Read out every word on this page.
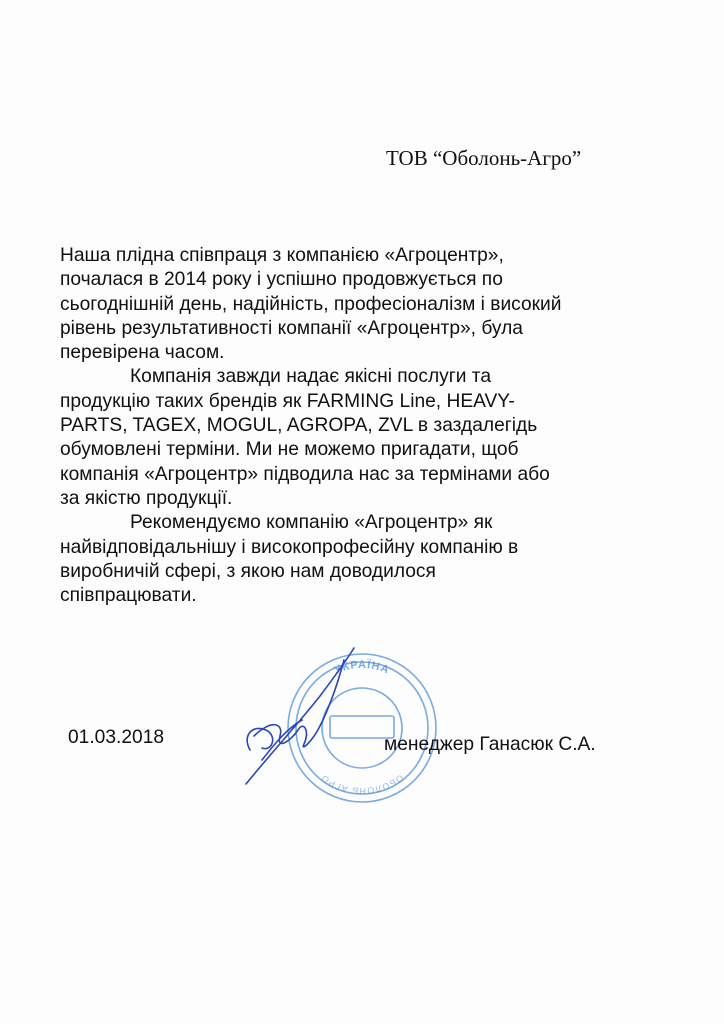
ТОВ “Оболонь-Агро”
Наша плідна співпраця з компанією «Агроцентр»,
почалася в 2014 року і успішно продовжується по
сьогоднішній день, надійність, професіоналізм і високий
рівень результативності компанії «Агроцентр», була
перевірена часом.
Компанія завжди надає якісні послуги та
продукцію таких брендів як FARMING Line, HEAVY-
PARTS, TAGEX, MOGUL, AGROPA, ZVL в заздалегідь
обумовлені терміни. Ми не можемо пригадати, щоб
компанія «Агроцентр» підводила нас за термінами або
за якістю продукції.
Рекомендуємо компанію «Агроцентр» як
найвідповідальнішу і високопрофесійну компанію в
виробничій сфері, з якою нам доводилося
співпрацювати.
01.03.2018
УКРАЇНА
ОБОЛОНЬ АГРО
менеджер Ганасюк С.А.
